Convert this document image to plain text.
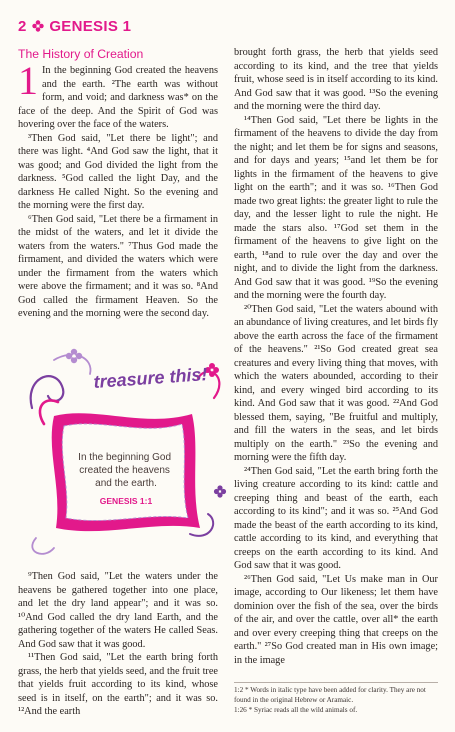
2 GENESIS 1
The History of Creation
1 In the beginning God created the heavens and the earth. ²The earth was without form, and void; and darkness was* on the face of the deep. And the Spirit of God was hovering over the face of the waters.

³Then God said, "Let there be light"; and there was light. ⁴And God saw the light, that it was good; and God divided the light from the darkness. ⁵God called the light Day, and the darkness He called Night. So the evening and the morning were the first day.

⁶Then God said, "Let there be a firmament in the midst of the waters, and let it divide the waters from the waters." ⁷Thus God made the firmament, and divided the waters which were under the firmament from the waters which were above the firmament; and it was so. ⁸And God called the firmament Heaven. So the evening and the morning were the second day.

treasure this!
In the beginning God created the heavens and the earth.
GENESIS 1:1

⁹Then God said, "Let the waters under the heavens be gathered together into one place, and let the dry land appear"; and it was so. ¹⁰And God called the dry land Earth, and the gathering together of the waters He called Seas. And God saw that it was good.

¹¹Then God said, "Let the earth bring forth grass, the herb that yields seed, and the fruit tree that yields fruit according to its kind, whose seed is in itself, on the earth"; and it was so. ¹²And the earth

brought forth grass, the herb that yields seed according to its kind, and the tree that yields fruit, whose seed is in itself according to its kind. And God saw that it was good. ¹³So the evening and the morning were the third day.

¹⁴Then God said, "Let there be lights in the firmament of the heavens to divide the day from the night; and let them be for signs and seasons, and for days and years; ¹⁵and let them be for lights in the firmament of the heavens to give light on the earth"; and it was so. ¹⁶Then God made two great lights: the greater light to rule the day, and the lesser light to rule the night. He made the stars also. ¹⁷God set them in the firmament of the heavens to give light on the earth, ¹⁸and to rule over the day and over the night, and to divide the light from the darkness. And God saw that it was good. ¹⁹So the evening and the morning were the fourth day.

²⁰Then God said, "Let the waters abound with an abundance of living creatures, and let birds fly above the earth across the face of the firmament of the heavens." ²¹So God created great sea creatures and every living thing that moves, with which the waters abounded, according to their kind, and every winged bird according to its kind. And God saw that it was good. ²²And God blessed them, saying, "Be fruitful and multiply, and fill the waters in the seas, and let birds multiply on the earth." ²³So the evening and morning were the fifth day.

²⁴Then God said, "Let the earth bring forth the living creature according to its kind: cattle and creeping thing and beast of the earth, each according to its kind"; and it was so. ²⁵And God made the beast of the earth according to its kind, cattle according to its kind, and everything that creeps on the earth according to its kind. And God saw that it was good.

²⁶Then God said, "Let Us make man in Our image, according to Our likeness; let them have dominion over the fish of the sea, over the birds of the air, and over the cattle, over all* the earth and over every creeping thing that creeps on the earth." ²⁷So God created man in His own image; in the image

1:2 * Words in italic type have been added for clarity. They are not found in the original Hebrew or Aramaic.
1:26 * Syriac reads all the wild animals of.
